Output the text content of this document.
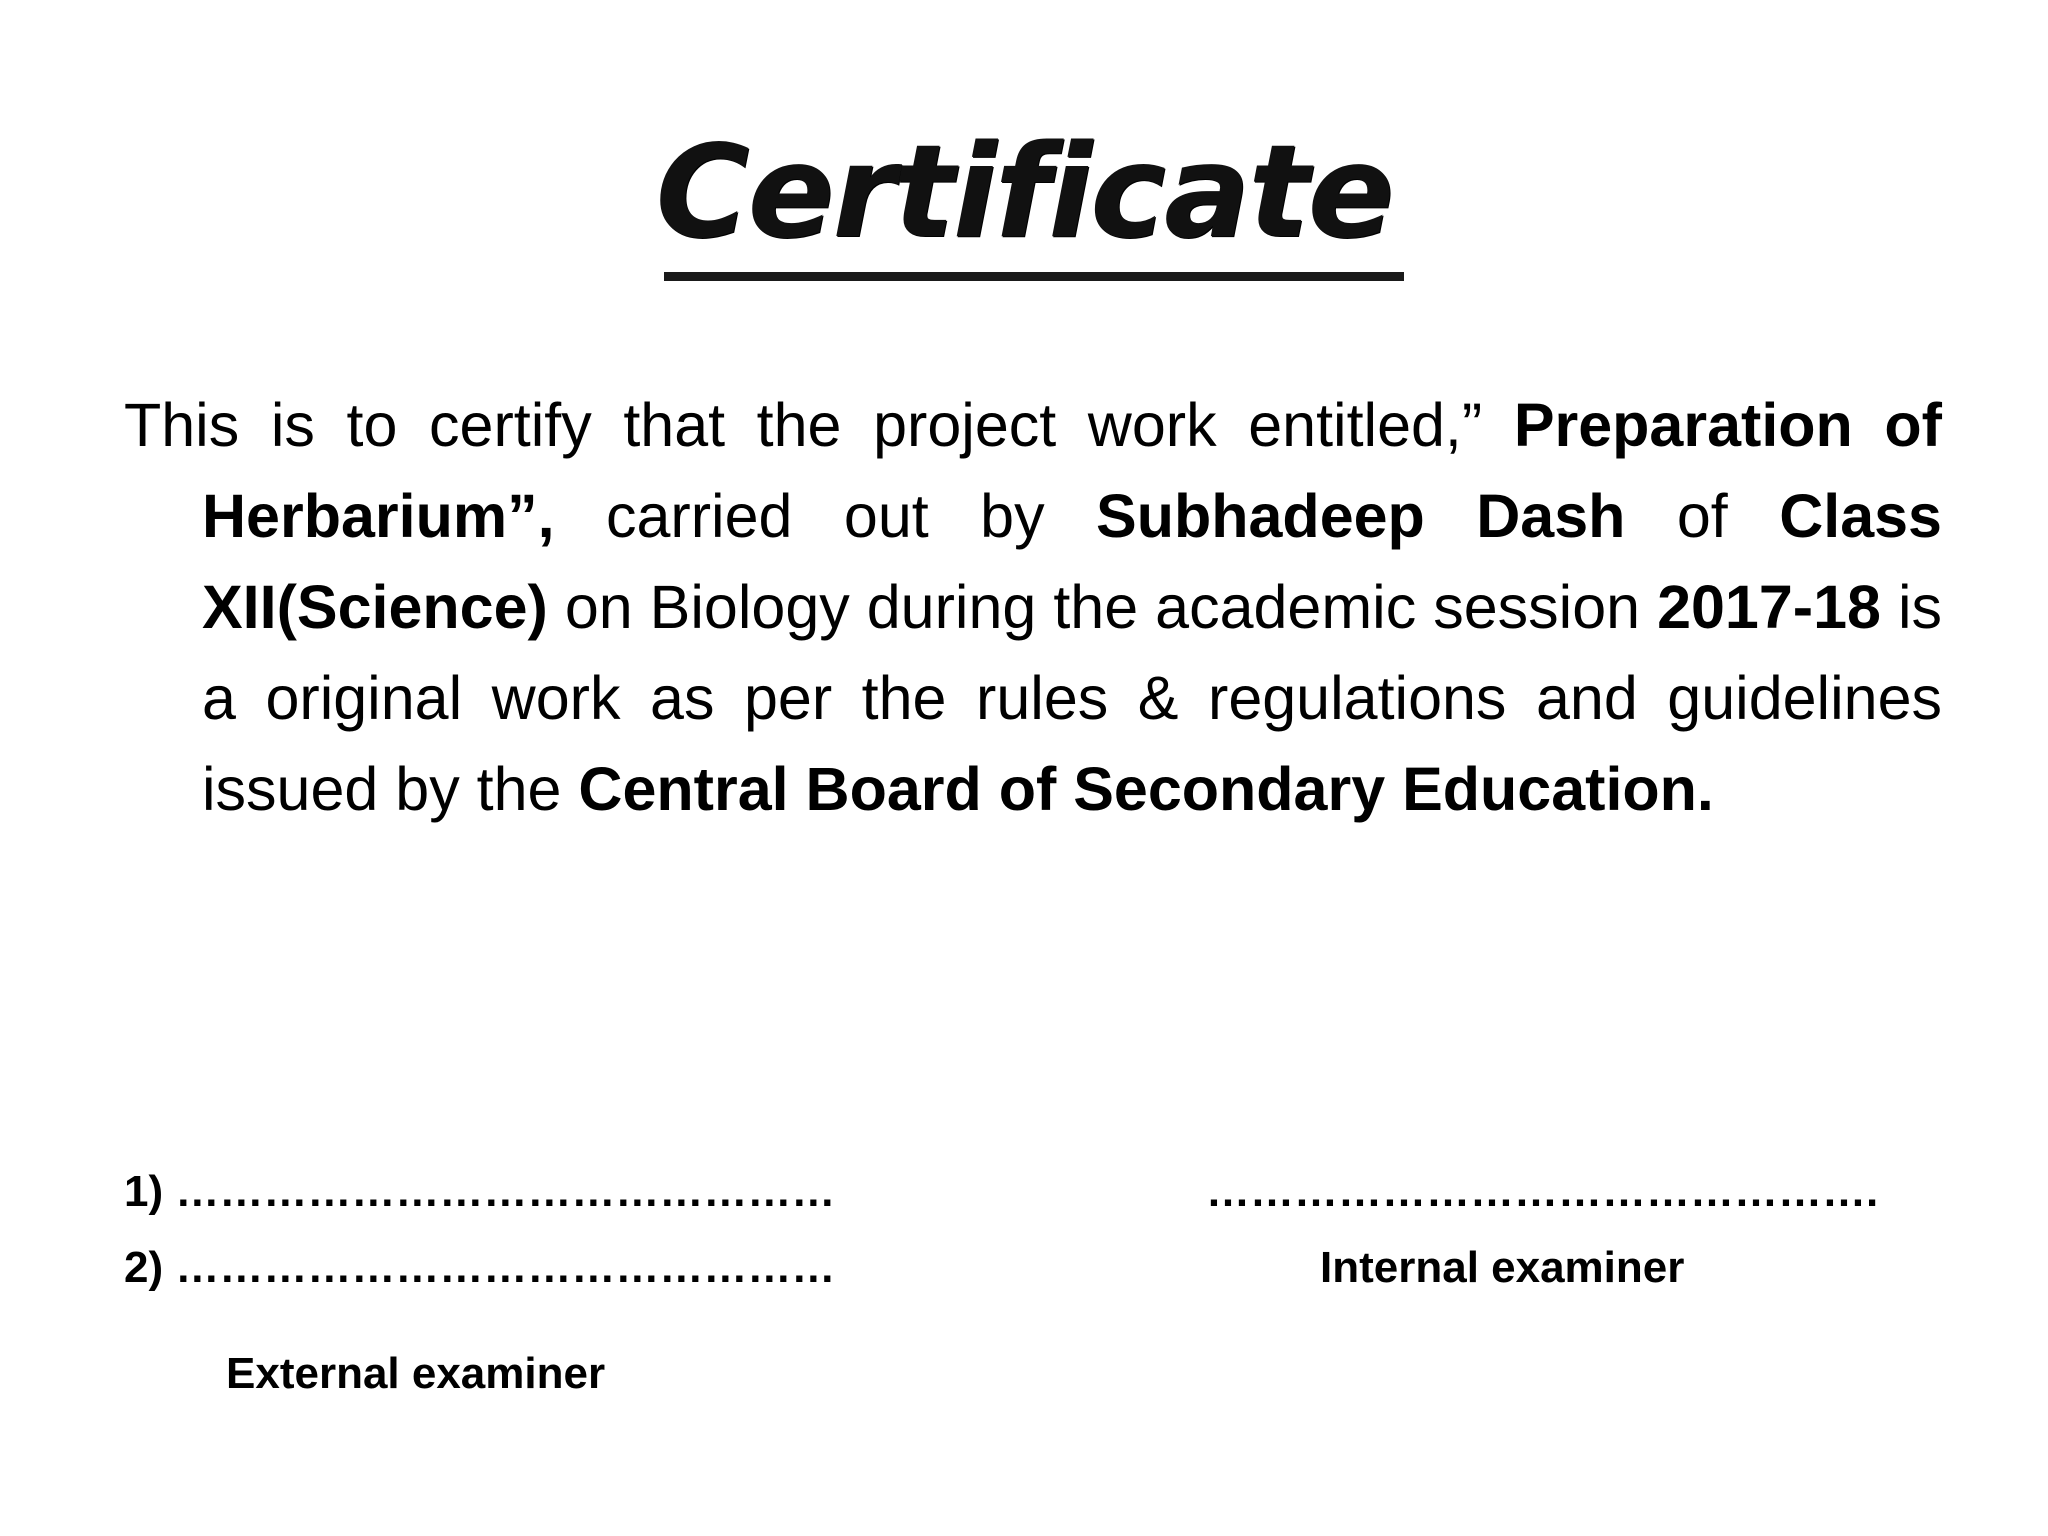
Certificate

This is to certify that the project work entitled,” Preparation of Herbarium”, carried out by Subhadeep Dash of Class XII(Science) on Biology during the academic session 2017-18 is a original work as per the rules & regulations and guidelines issued by the Central Board of Secondary Education.

1) ………………………………………
2) ………………………………………
External examiner
……………………………………….
Internal examiner
